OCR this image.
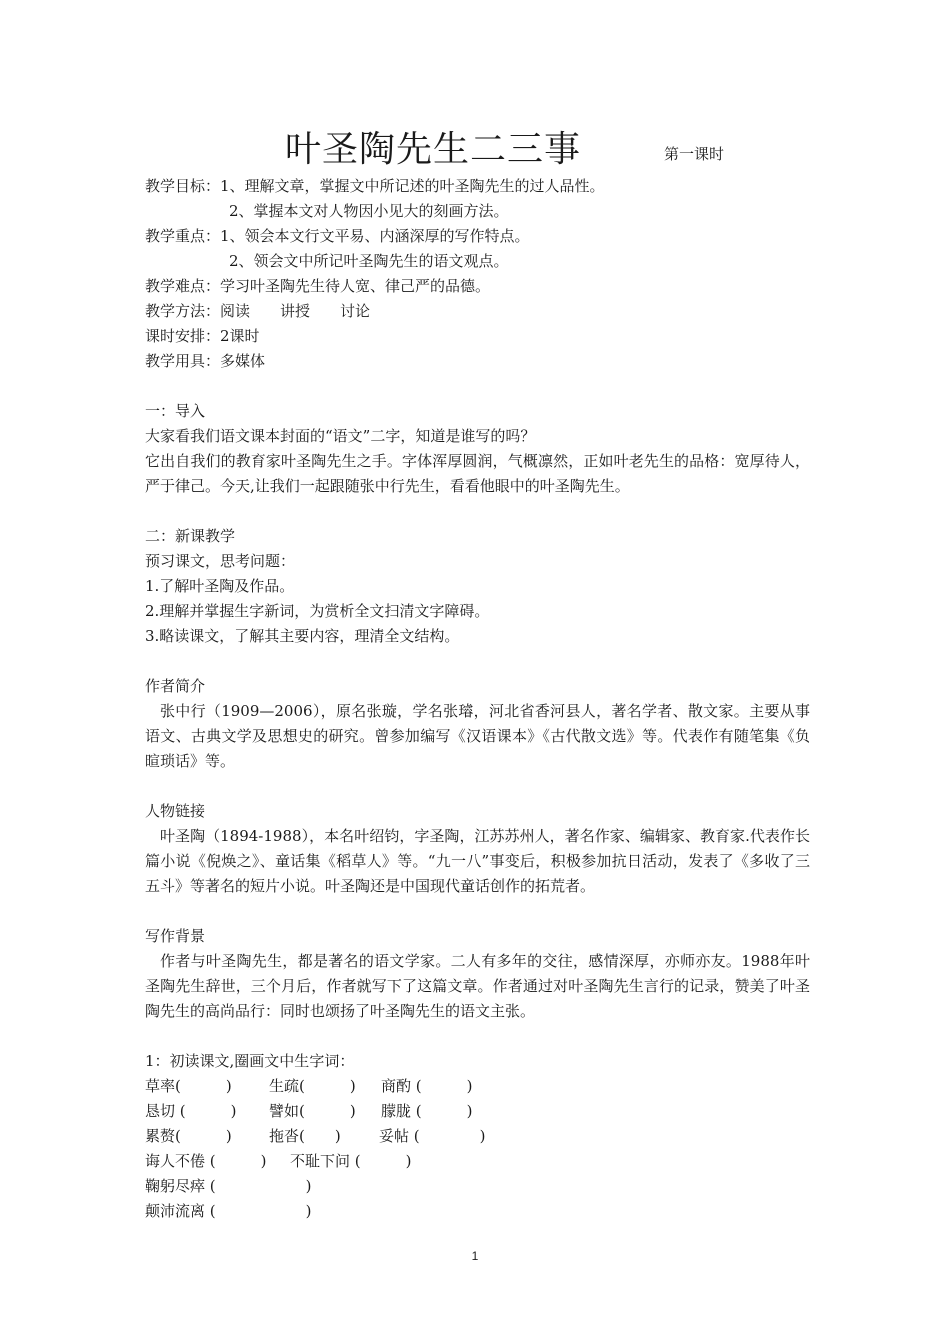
叶圣陶先生二三事	第一课时
教学目标：1、理解文章，掌握文中所记述的叶圣陶先生的过人品性。
2、掌握本文对人物因小见大的刻画方法。
教学重点：1、领会本文行文平易、内涵深厚的写作特点。
2、领会文中所记叶圣陶先生的语文观点。
教学难点：学习叶圣陶先生待人宽、律己严的品德。
教学方法：阅读　　讲授　　讨论
课时安排：2课时
教学用具：多媒体
一：导入
大家看我们语文课本封面的“语文”二字，知道是谁写的吗？
它出自我们的教育家叶圣陶先生之手。字体浑厚圆润，气概凛然，正如叶老先生的品格：宽厚待人，严于律己。今天,让我们一起跟随张中行先生，看看他眼中的叶圣陶先生。
二：新课教学
预习课文，思考问题：
1.了解叶圣陶及作品。
2.理解并掌握生字新词，为赏析全文扫清文字障碍。
3.略读课文，了解其主要内容，理清全文结构。
作者简介
张中行（1909—2006），原名张璇，学名张璿，河北省香河县人，著名学者、散文家。主要从事语文、古典文学及思想史的研究。曾参加编写《汉语课本》《古代散文选》等。代表作有随笔集《负暄琐话》等。
人物链接
叶圣陶（1894-1988），本名叶绍钧，字圣陶，江苏苏州人，著名作家、编辑家、教育家.代表作长篇小说《倪焕之》、童话集《稻草人》等。“九一八”事变后，积极参加抗日活动，发表了《多收了三五斗》等著名的短片小说。叶圣陶还是中国现代童话创作的拓荒者。
写作背景
作者与叶圣陶先生，都是著名的语文学家。二人有多年的交往，感情深厚，亦师亦友。1988年叶圣陶先生辞世，三个月后，作者就写下了这篇文章。作者通过对叶圣陶先生言行的记录，赞美了叶圣陶先生的高尚品行：同时也颂扬了叶圣陶先生的语文主张。
1：初读课文,圈画文中生字词：
草率(　　　) 生疏(　　　) 商酌 (　　　)
恳切 (　　　) 譬如(　　　) 朦胧 (　　　)
累赘(　　　) 拖沓(　　)	妥帖 (　　　　)
诲人不倦 (　　　) 不耻下问 (　　　)
鞠躬尽瘁 (　　　　　　)
颠沛流离 (　　　　　　)
1
